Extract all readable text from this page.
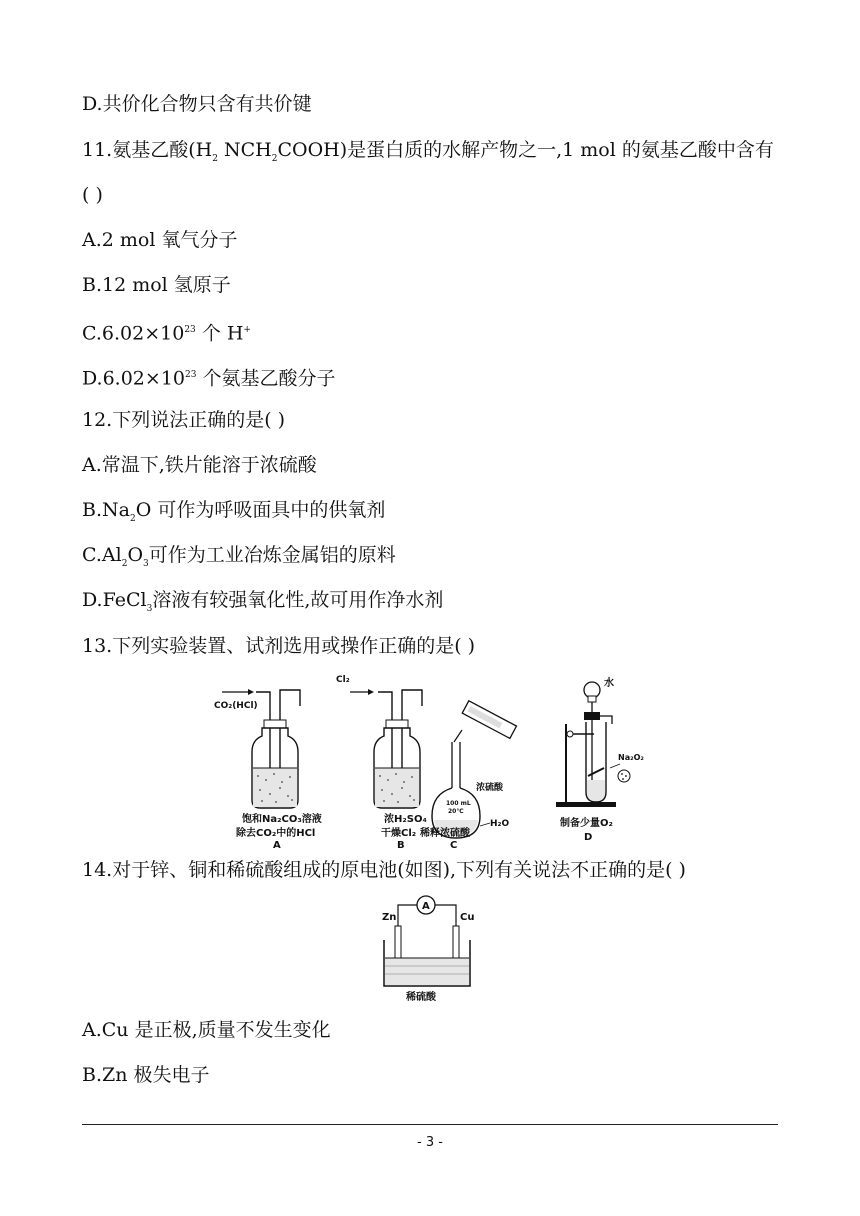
D.共价化合物只含有共价键
11.氨基乙酸($H_2$ $NCH_2COOH$)是蛋白质的水解产物之一,1 mol 的氨基乙酸中含有
( )
A.2 mol 氧气分子
B.12 mol 氢原子
$C.6.02\times 10^{23}$ 个 H+
$D.6.02\times 10^{23}$ 个氨基乙酸分子
12.下列说法正确的是( )
A.常温下,铁片能溶于浓硫酸
$B.Na_2O$ 可作为呼吸面具中的供氧剂
$C.Al_2O_3$可作为工业冶炼金属铝的原料
D.FeCl$_3$溶液有较强氧化性,故可用作净水剂
13.下列实验装置、试剂选用或操作正确的是( )
CO₂(HCl)
饱和Na₂CO₃溶液
除去CO₂中的HCl
A
Cl₂
浓H₂SO₄
干燥Cl₂
B
100 mL
20℃
浓硫酸
H₂O
稀释浓硫酸
C
水
Na₂O₂
制备少量O₂
D
14.对于锌、铜和稀硫酸组成的原电池(如图),下列有关说法不正确的是( )
A
Zn	Cu
稀硫酸
A.Cu 是正极,质量不发生变化
B.Zn 极失电子
- 3 -
